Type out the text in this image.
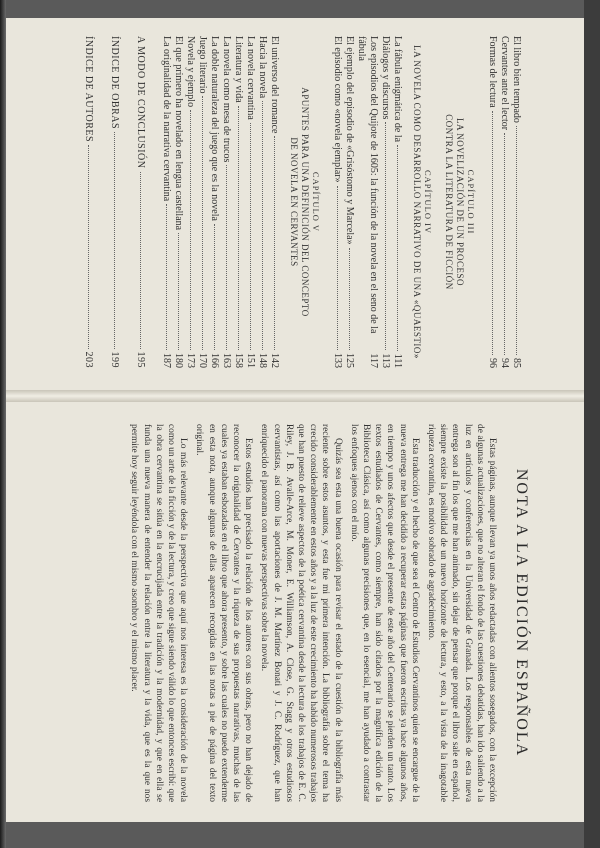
El libro bien tempado
85
Cervantes ante el lector
94
Formas de lectura
96
CAPÍTULO III
LA NOVELIZACIÓN DE UN PROCESO
CONTRA LA LITERATURA DE FICCIÓN
CAPÍTULO IV
LA NOVELA COMO DESARROLLO NARRATIVO DE UNA «QUAESTIO»
La fábula enigmática de la
111
Diálogos y discursos
113
Los episodios del Quijote de 1605: la función de la novela en el seno de la fábula
117
El ejemplo del episodio de «Grisóstomo y Marcela»
125
El episodio como «novela ejemplar»
133
CAPÍTULO V
APUNTES PARA UNA DEFINICIÓN DEL CONCEPTO
DE NOVELA EN CERVANTES
El universo del romance
142
Hacia la novela
148
La novela cervantina
151
Literatura y vida
158
La novela como mesa de trucos
163
La doble naturaleza del juego que es la novela
166
Juego literario
170
Novela y ejemplo
173
El que primero ha novelado en lengua castellana
180
La originalidad de la narrativa cervantina
187
A MODO DE CONCLUSIÓN
195
ÍNDICE DE OBRAS
199
ÍNDICE DE AUTORES
203
NOTA A LA EDICIÓN ESPAÑOLA

Estas páginas, aunque llevan ya unos años redactadas con alientos sosegados, con la excepción de algunas actualizaciones, que no alteran el fondo de las cuestiones debatidas, han ido saliendo a la luz en artículos y conferencias en la Universidad de Granada. Los responsables de esta nueva entrega son al fin los que me han animado, sin dejar de pensar que porque el libro sale en español, siempre existe la posibilidad de un nuevo horizonte de lectura, y esto, a la vista de la inagotable riqueza cervantina, es motivo sobrado de agradecimiento.

Esta traducción y el hecho de que sea el Centro de Estudios Cervantinos quien se encargue de la nueva entrega me han decidido a recuperar estas páginas que fueron escritas ya hace algunos años, en tiempo y unos afectos que desde el presente de este año del Centenario se pierden un tanto. Los textos estudiados de Cervantes, como siempre, han sido citados por la magnífica edición de la Biblioteca Clásica, así como algunas precisiones que, en lo esencial, me han ayudado a contrastar los enfoques ajenos con el mío.

Quizás sea esta una buena ocasión para revisar el estado de la cuestión de la bibliografía más reciente sobre estos asuntos, y esta fue mi primera intención. La bibliografía sobre el tema ha crecido considerablemente en estos años y a la luz de este crecimiento ha habido numerosos trabajos que han puesto de relieve aspectos de la poética cervantina desde la lectura de los trabajos de E. C. Riley, J. B. Avalle-Arce, M. Moner, E. Williamson, A. Close, G. Stagg y otros estudiosos cervantistas, así como las aportaciones de J. M. Martínez Bonati y J. C. Rodríguez, que han enriquecido el panorama con nuevas perspectivas sobre la novela.

Estos estudios han precisado la relación de los autores con sus obras, pero no han dejado de reconocer la originalidad de Cervantes y la riqueza de sus propuestas narrativas, muchas de las cuales ya estaban esbozadas en el libro que ahora presento, y sobre las cuales no puedo extenderme en esta nota, aunque algunas de ellas aparecen recogidas en las notas a pie de página del texto original.

Lo más relevante desde la perspectiva que aquí nos interesa es la consideración de la novela como un arte de la ficción y de la lectura, y creo que sigue siendo válido lo que entonces escribí: que la obra cervantina se sitúa en la encrucijada entre la tradición y la modernidad, y que en ella se funda una nueva manera de entender la relación entre la literatura y la vida, que es la que nos permite hoy seguir leyéndola con el mismo asombro y el mismo placer.
